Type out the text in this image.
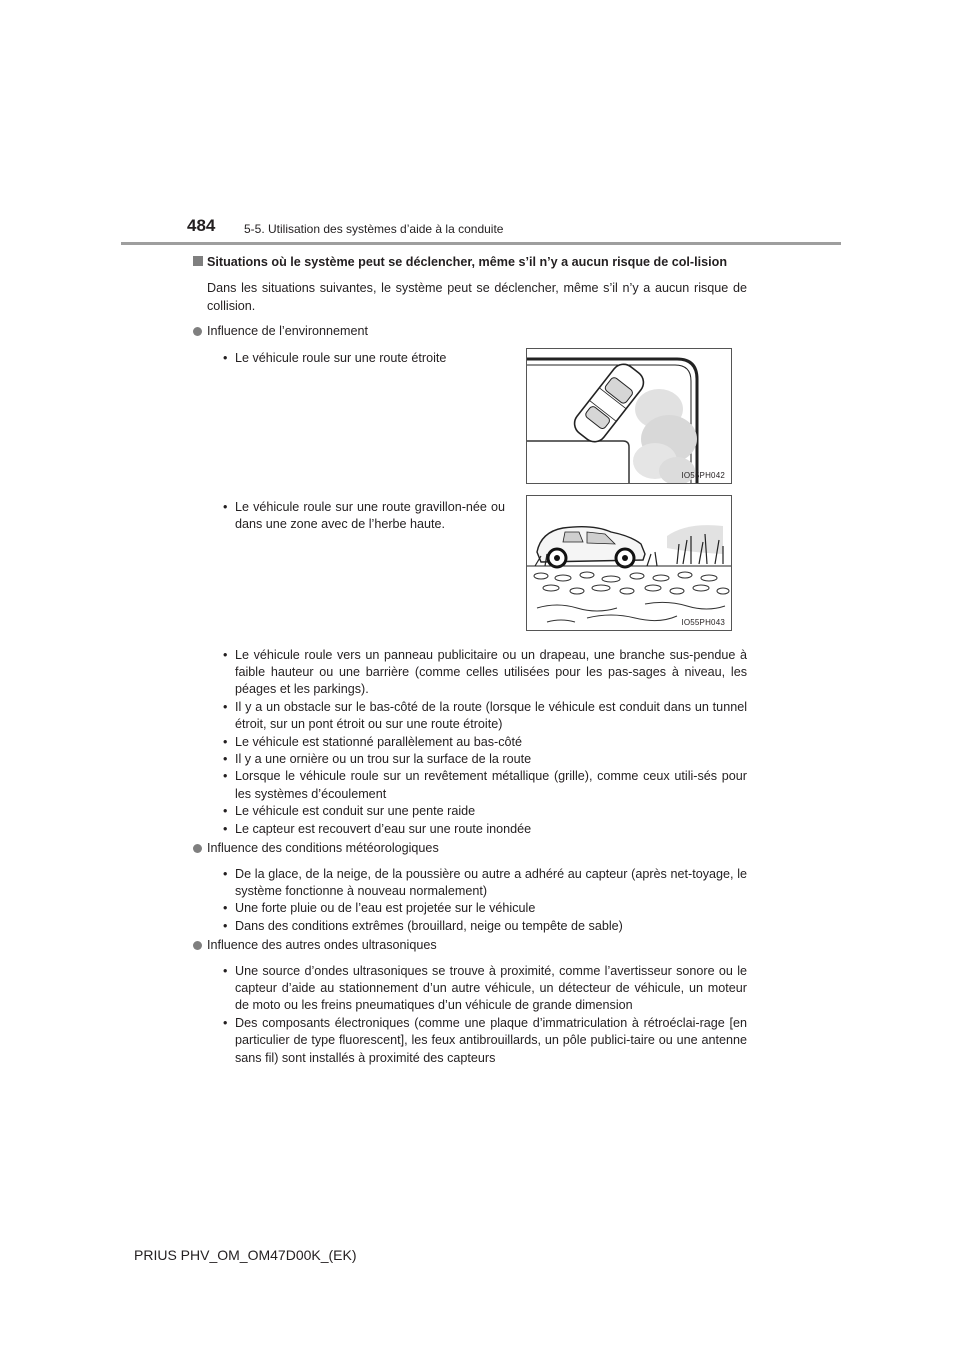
484 5-5. Utilisation des systèmes d’aide à la conduite

Situations où le système peut se déclencher, même s’il n’y a aucun risque de col-lision

Dans les situations suivantes, le système peut se déclencher, même s’il n’y a aucun risque de collision.

Influence de l’environnement

• Le véhicule roule sur une route étroite
IO55PH042
• Le véhicule roule sur une route gravillon-née ou dans une zone avec de l’herbe haute.
IO55PH043
• Le véhicule roule vers un panneau publicitaire ou un drapeau, une branche sus-pendue à faible hauteur ou une barrière (comme celles utilisées pour les pas-sages à niveau, les péages et les parkings).
• Il y a un obstacle sur le bas-côté de la route (lorsque le véhicule est conduit dans un tunnel étroit, sur un pont étroit ou sur une route étroite)
• Le véhicule est stationné parallèlement au bas-côté
• Il y a une ornière ou un trou sur la surface de la route
• Lorsque le véhicule roule sur un revêtement métallique (grille), comme ceux utili-sés pour les systèmes d’écoulement
• Le véhicule est conduit sur une pente raide
• Le capteur est recouvert d’eau sur une route inondée

Influence des conditions météorologiques

• De la glace, de la neige, de la poussière ou autre a adhéré au capteur (après net-toyage, le système fonctionne à nouveau normalement)
• Une forte pluie ou de l’eau est projetée sur le véhicule
• Dans des conditions extrêmes (brouillard, neige ou tempête de sable)

Influence des autres ondes ultrasoniques

• Une source d’ondes ultrasoniques se trouve à proximité, comme l’avertisseur sonore ou le capteur d’aide au stationnement d’un autre véhicule, un détecteur de véhicule, un moteur de moto ou les freins pneumatiques d’un véhicule de grande dimension
• Des composants électroniques (comme une plaque d’immatriculation à rétroéclai-rage [en particulier de type fluorescent], les feux antibrouillards, un pôle publici-taire ou une antenne sans fil) sont installés à proximité des capteurs
PRIUS PHV_OM_OM47D00K_(EK)
